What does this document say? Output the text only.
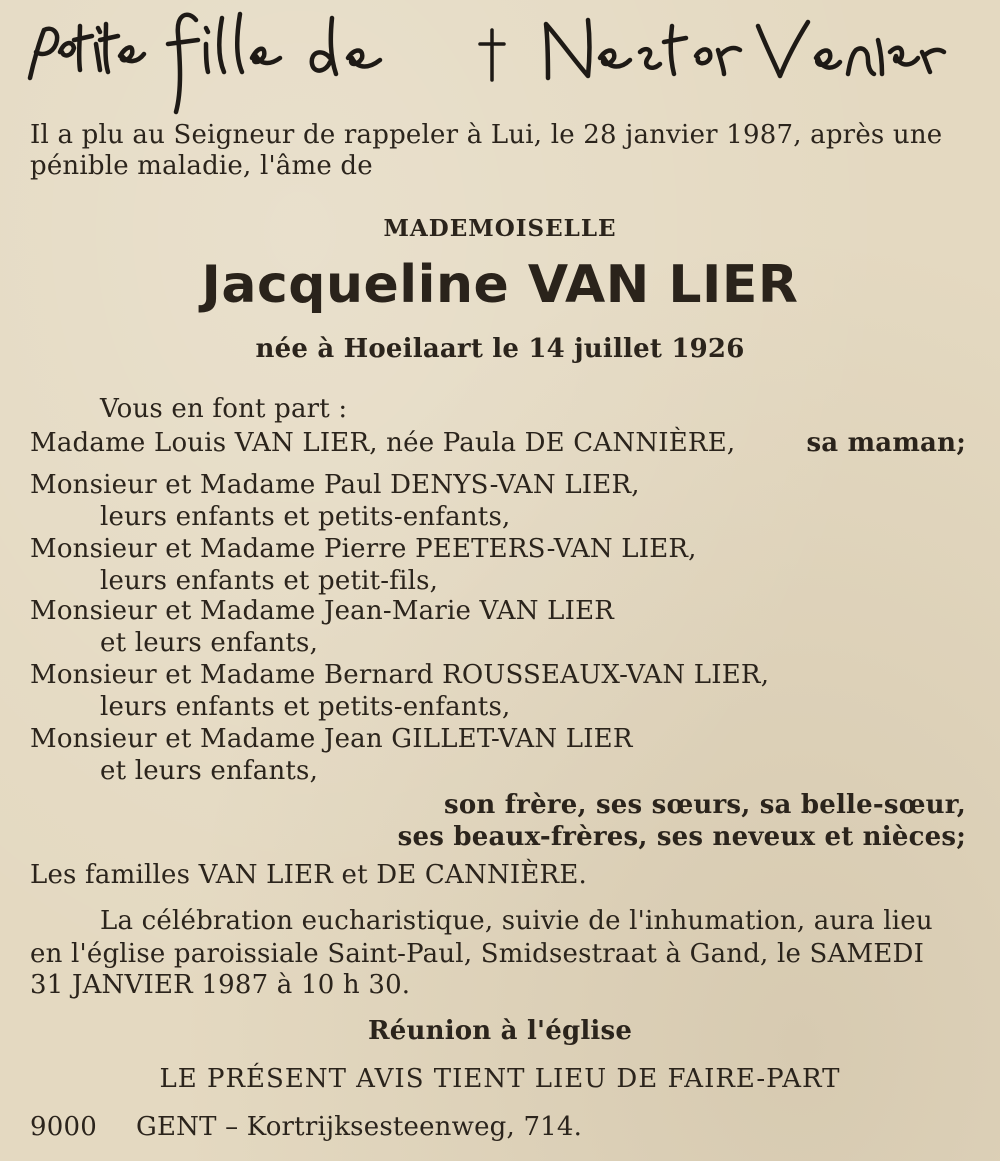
Il a plu au Seigneur de rappeler à Lui, le 28 janvier 1987, après une
pénible maladie, l'âme de
MADEMOISELLE
Jacqueline VAN LIER
née à Hoeilaart le 14 juillet 1926
Vous en font part :
Madame Louis VAN LIER, née Paula DE CANNIÈRE,	sa maman;
Monsieur et Madame Paul DENYS-VAN LIER,
leurs enfants et petits-enfants,
Monsieur et Madame Pierre PEETERS-VAN LIER,
leurs enfants et petit-fils,
Monsieur et Madame Jean-Marie VAN LIER
et leurs enfants,
Monsieur et Madame Bernard ROUSSEAUX-VAN LIER,
leurs enfants et petits-enfants,
Monsieur et Madame Jean GILLET-VAN LIER
et leurs enfants,
son frère, ses sœurs, sa belle-sœur,
ses beaux-frères, ses neveux et nièces;
Les familles VAN LIER et DE CANNIÈRE.
La célébration eucharistique, suivie de l'inhumation, aura lieu
en l'église paroissiale Saint-Paul, Smidsestraat à Gand, le SAMEDI
31 JANVIER 1987 à 10 h 30.
Réunion à l'église
LE PRÉSENT AVIS TIENT LIEU DE FAIRE-PART
9000 GENT – Kortrijksesteenweg, 714.
